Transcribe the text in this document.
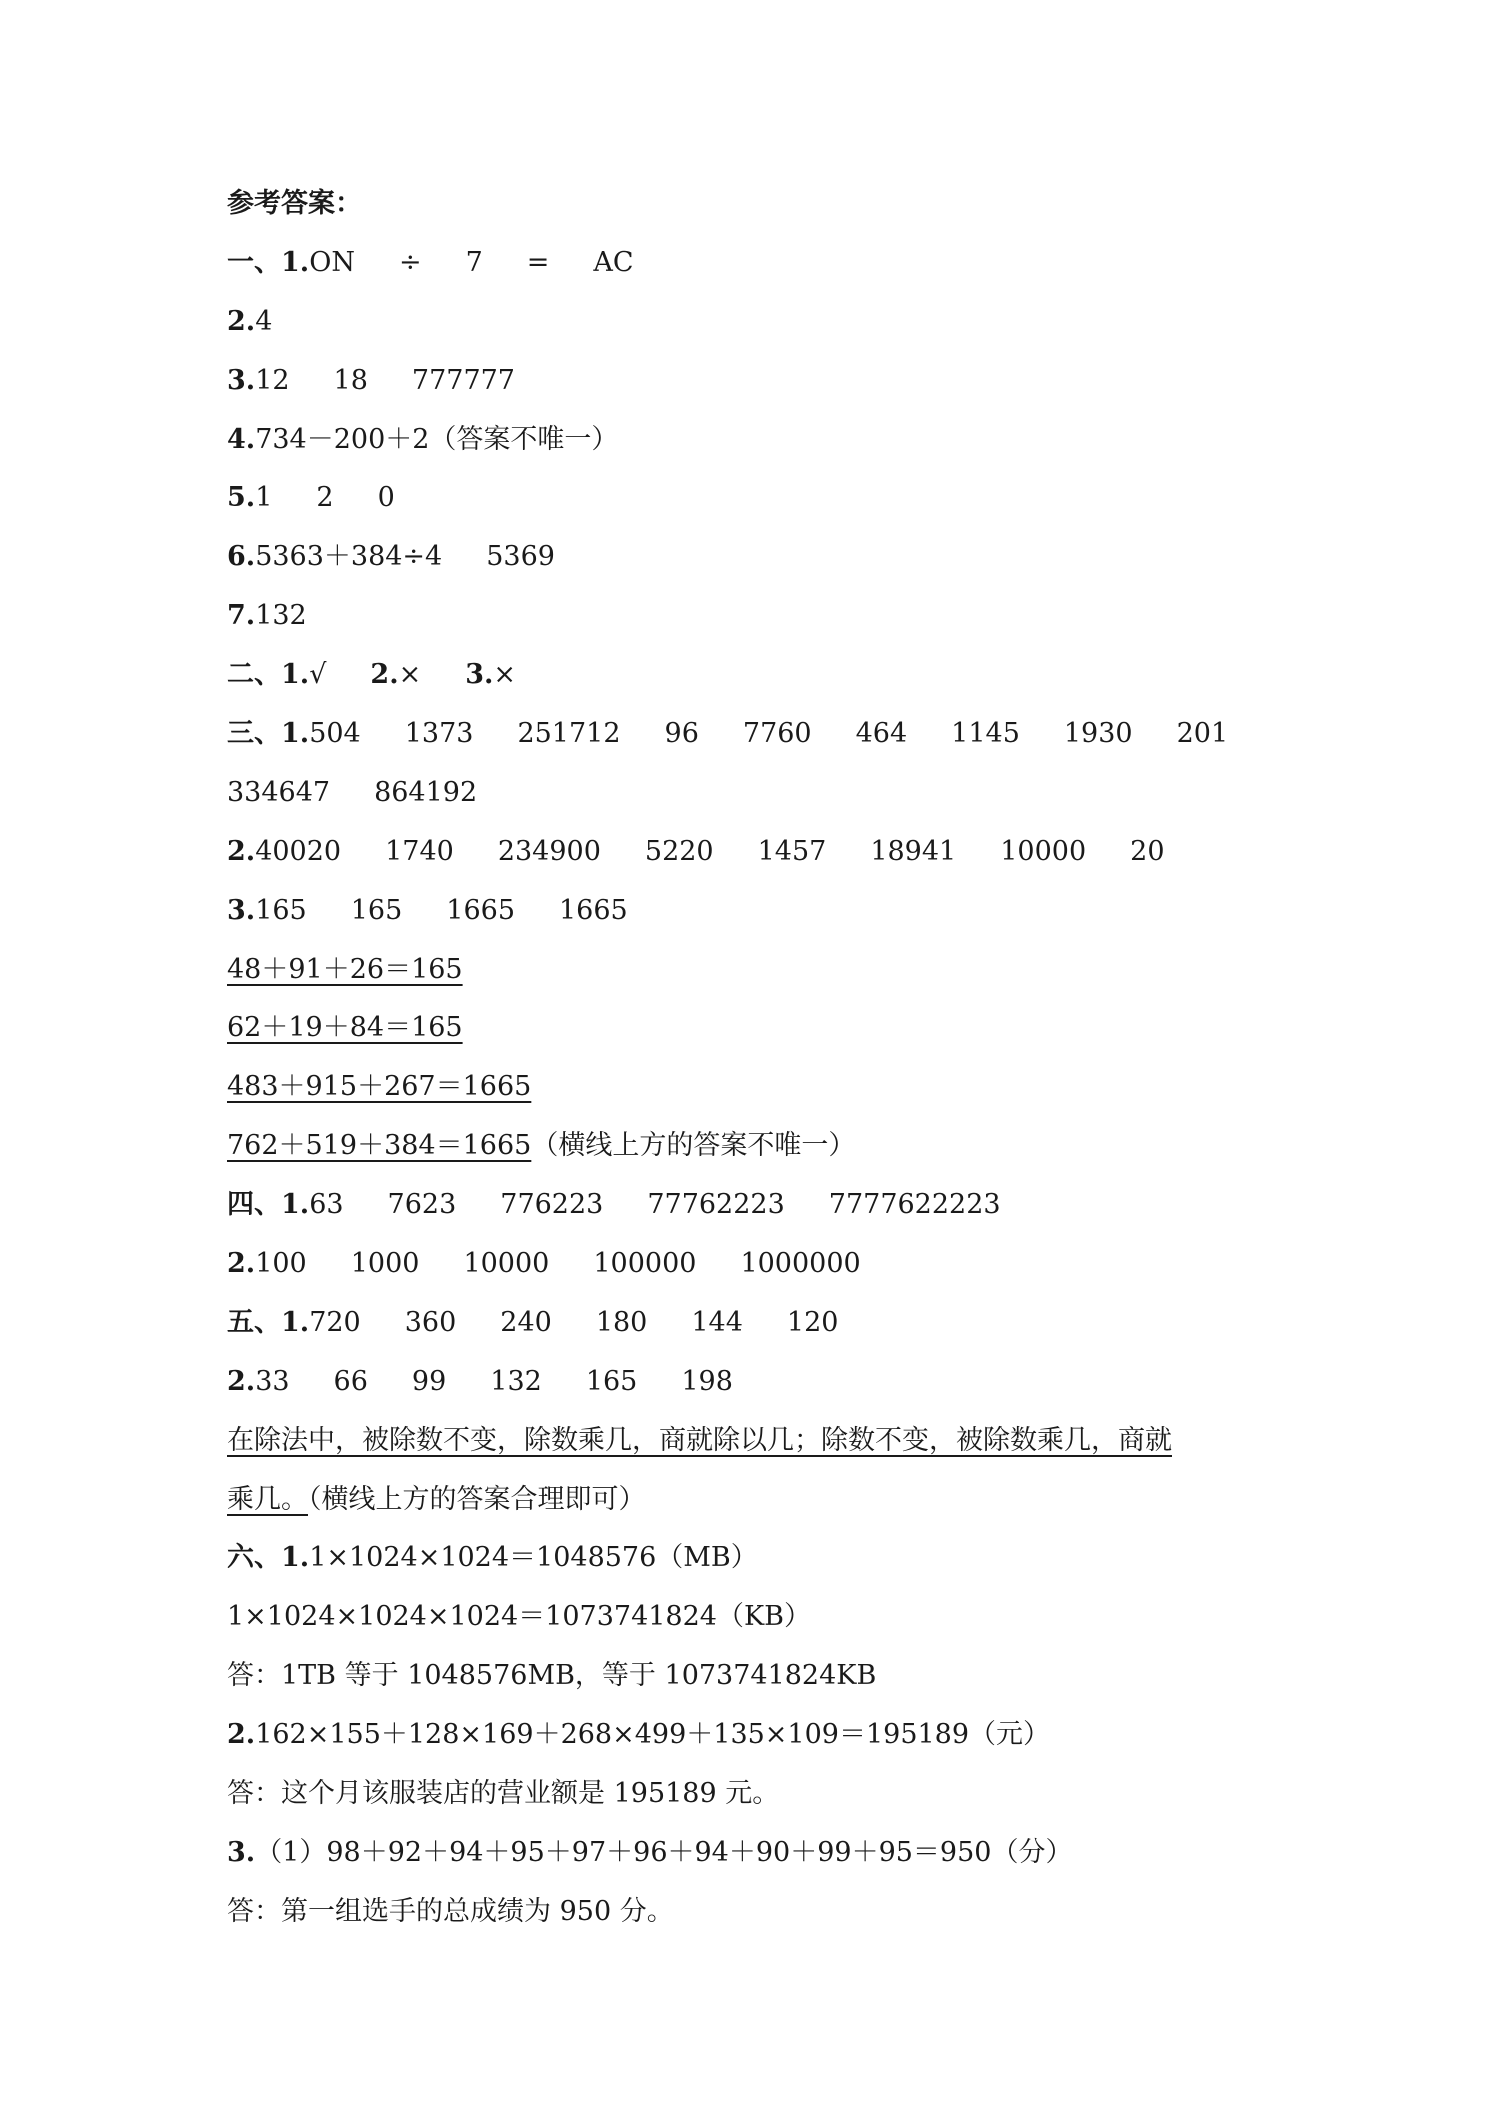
参考答案：
一、1.ON ÷ 7 = AC
2.4
3.12 18 777777
4.734－200＋2（答案不唯一）
5.1 2 0
6.5363＋384÷4 5369
7.132
二、1.√ 2.× 3.×
三、1.504 1373 251712 96 7760 464 1145 1930 201
334647 864192
2.40020 1740 234900 5220 1457 18941 10000 20
3.165 165 1665 1665
48＋91＋26＝165
62＋19＋84＝165
483＋915＋267＝1665
762＋519＋384＝1665（横线上方的答案不唯一）
四、1.63 7623 776223 77762223 7777622223
2.100 1000 10000 100000 1000000
五、1.720 360 240 180 144 120
2.33 66 99 132 165 198
在除法中，被除数不变，除数乘几，商就除以几；除数不变，被除数乘几，商就
乘几。（横线上方的答案合理即可）
六、1.1×1024×1024＝1048576（MB）
1×1024×1024×1024＝1073741824（KB）
答：1TB 等于 1048576MB，等于 1073741824KB
2.162×155＋128×169＋268×499＋135×109＝195189（元）
答：这个月该服装店的营业额是 195189 元。
3.（1）98＋92＋94＋95＋97＋96＋94＋90＋99＋95＝950（分）
答：第一组选手的总成绩为 950 分。
